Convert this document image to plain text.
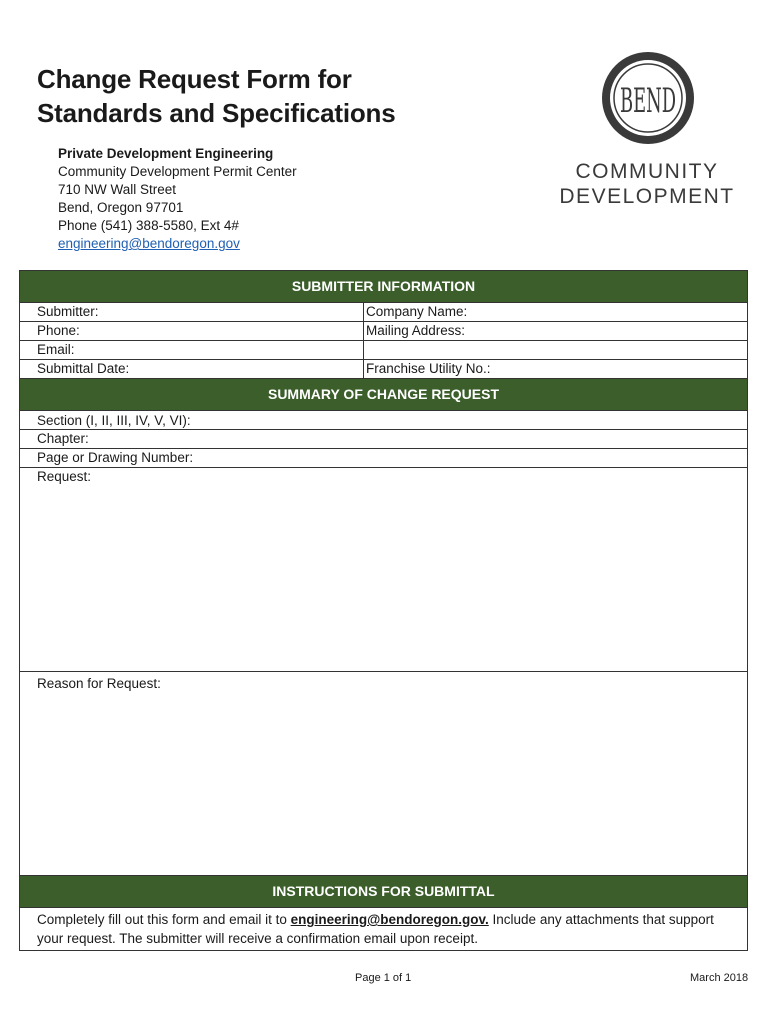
Change Request Form for
Standards and Specifications
Private Development Engineering
Community Development Permit Center
710 NW Wall Street
Bend, Oregon 97701
Phone (541) 388-5580, Ext 4#
engineering@bendoregon.gov
BEND
COMMUNITY
DEVELOPMENT
SUBMITTER INFORMATION
Submitter:	Company Name:
Phone:	Mailing Address:
Email:
Submittal Date:	Franchise Utility No.:
SUMMARY OF CHANGE REQUEST
Section (I, II, III, IV, V, VI):
Chapter:
Page or Drawing Number:
Request:
Reason for Request:
INSTRUCTIONS FOR SUBMITTAL
Completely fill out this form and email it to engineering@bendoregon.gov. Include any attachments that support your request. The submitter will receive a confirmation email upon receipt.
Page 1 of 1	March 2018
